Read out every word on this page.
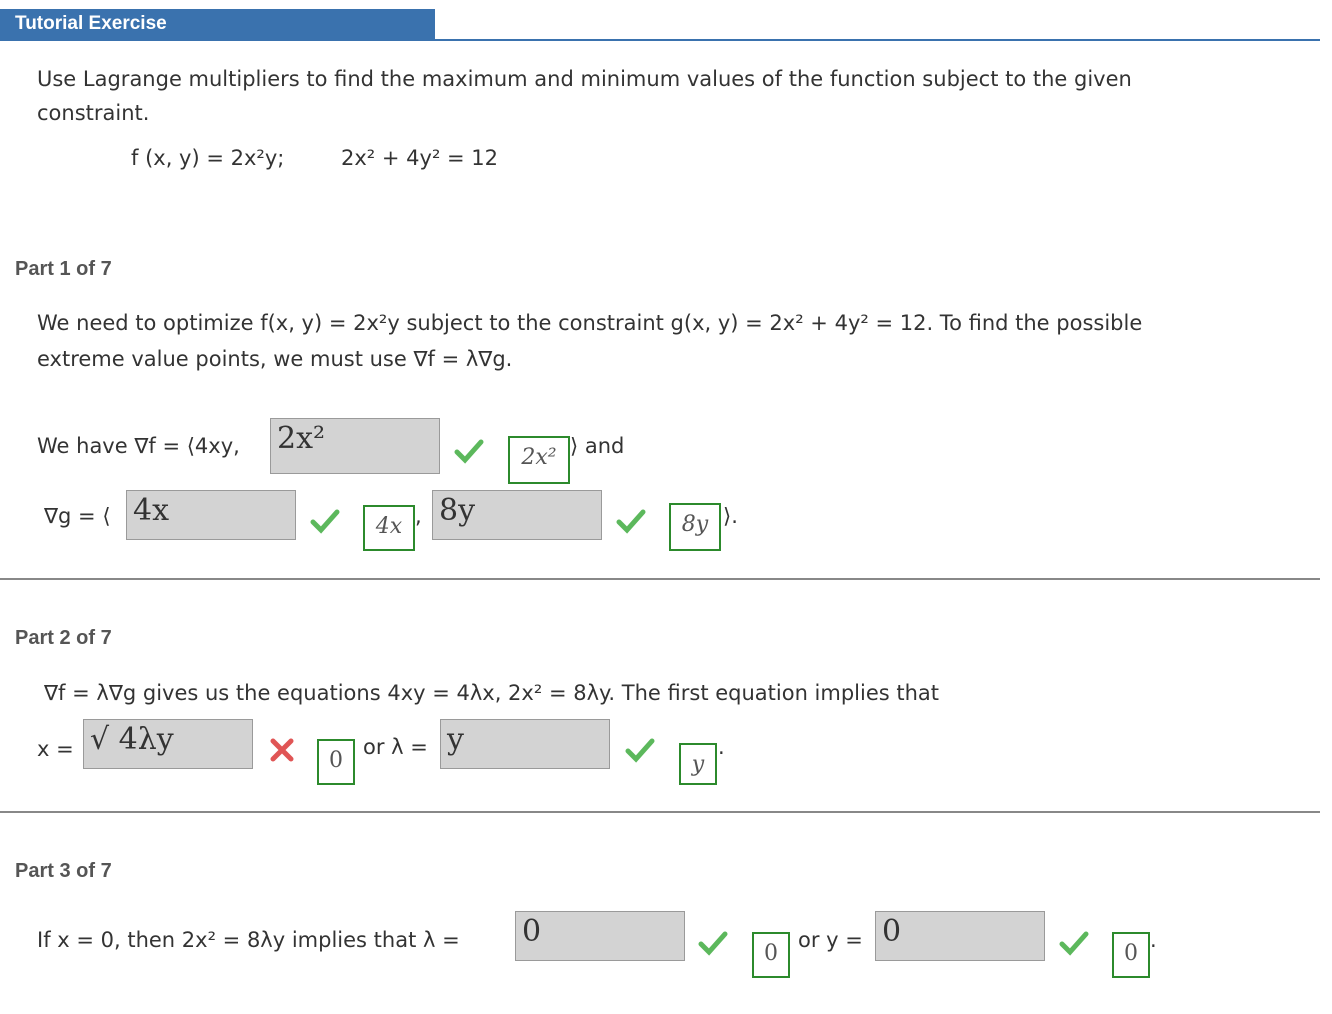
Tutorial Exercise
Use Lagrange multipliers to find the maximum and minimum values of the function subject to the given
constraint.
f (x, y) = 2x²y;	2x² + 4y² = 12
Part 1 of 7
We need to optimize f(x, y) = 2x²y subject to the constraint g(x, y) = 2x² + 4y² = 12. To find the possible
extreme value points, we must use ∇f = λ∇g.
We have ∇f = ⟨4xy, 2x²
2x² ⟩ and
∇g = ⟨ 4x	4x , 8y	8y ⟩.
Part 2 of 7
∇f = λ∇g gives us the equations 4xy = 4λx, 2x² = 8λy. The first equation implies that
x = √ 4λy
0
or λ = y
y
.
Part 3 of 7
If x = 0, then 2x² = 8λy implies that λ = 0
0
or y = 0
0
.
